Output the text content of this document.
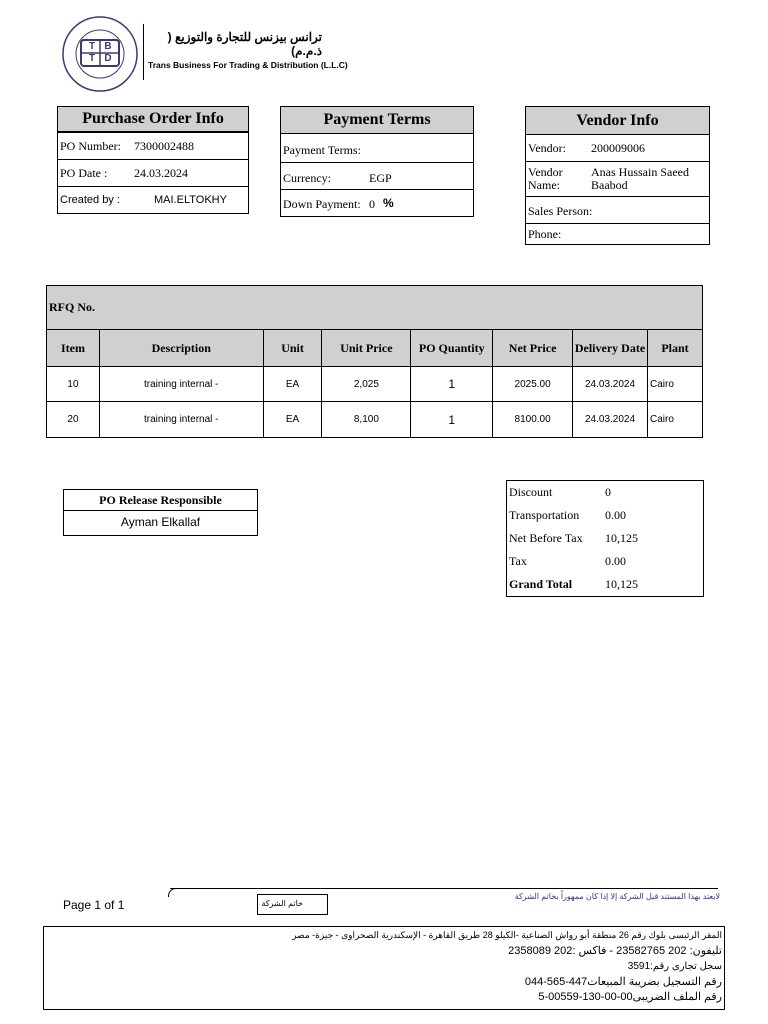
T B
T D
ترانس بيزنس للتجارة والتوزيع ( ذ.م.م)
Trans Business For Trading & Distribution (L.L.C)
Purchase Order Info
PO Number: 7300002488
PO Date : 24.03.2024
Created by :	MAI.ELTOKHY
Payment Terms
Payment Terms:
Currency:	EGP
Down Payment: 0 %
Vendor Info
Vendor: 200009006
Vendor
Name:
Anas Hussain Saeed
Baabod
Sales Person:
Phone:
RFQ No.
Item	Description	Unit	Unit Price	PO Quantity	Net Price	Delivery Date	Plant
10	training internal -	EA	2,025	1	2025.00	24.03.2024	Cairo
20	training internal -	EA	8,100	1	8100.00	24.03.2024	Cairo
PO Release Responsible
Ayman Elkallaf
Discount	0
Transportation	0.00
Net Before Tax	10,125
Tax	0.00
Grand Total	10,125
Page 1 of 1	خاتم الشركة
لايعتد بهذا المستند قبل الشركة إلا إذا كان ممهوراً بخاتم الشركة
المقر الرئيسى بلوك رقم 26 منطقة أبو رواش الصناعية -الكيلو 28 طريق القاهرة - الإسكندرية الصحراوى - جيزة- مصر
تليفون: 202 23582765 - فاكس :202 2358089
سجل تجارى رقم:3591
رقم التسجيل بضريبة المبيعات447-565-044
رقم الملف الضريبى00-00-130-00559-5
